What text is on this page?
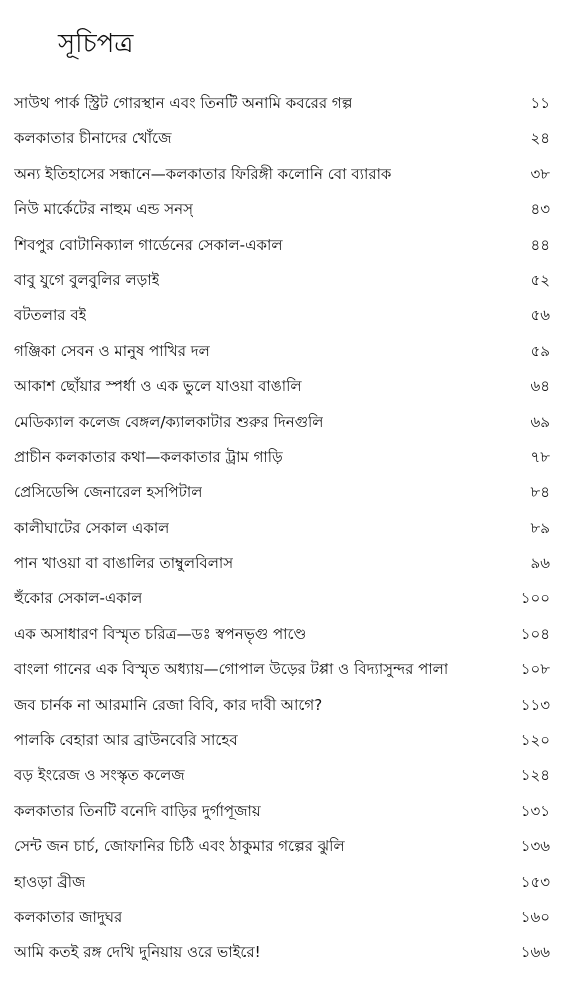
সূচিপত্র
সাউথ পার্ক স্ট্রিট গোরস্থান এবং তিনটি অনামি কবরের গল্প	১১
কলকাতার চীনাদের খোঁজে	২৪
অন্য ইতিহাসের সন্ধানে—কলকাতার ফিরিঙ্গী কলোনি বো ব্যারাক	৩৮
নিউ মার্কেটের নাহুম এন্ড সনস্	৪৩
শিবপুর বোটানিক্যাল গার্ডেনের সেকাল-একাল	৪৪
বাবু যুগে বুলবুলির লড়াই	৫২
বটতলার বই	৫৬
গঞ্জিকা সেবন ও মানুষ পাখির দল	৫৯
আকাশ ছোঁয়ার স্পর্ধা ও এক ভুলে যাওয়া বাঙালি	৬৪
মেডিক্যাল কলেজ বেঙ্গল/ক্যালকাটার শুরুর দিনগুলি	৬৯
প্রাচীন কলকাতার কথা—কলকাতার ট্রাম গাড়ি	৭৮
প্রেসিডেন্সি জেনারেল হসপিটাল	৮৪
কালীঘাটের সেকাল একাল	৮৯
পান খাওয়া বা বাঙালির তাম্বুলবিলাস	৯৬
হুঁকোর সেকাল-একাল	১০০
এক অসাধারণ বিস্মৃত চরিত্র—ডঃ স্বপনভৃগু পাণ্ডে	১০৪
বাংলা গানের এক বিস্মৃত অধ্যায়—গোপাল উড়ের টপ্পা ও বিদ্যাসুন্দর পালা	১০৮
জব চার্নক না আরমানি রেজা বিবি, কার দাবী আগে?	১১৩
পালকি বেহারা আর ব্রাউনবেরি সাহেব	১২০
বড় ইংরেজ ও সংস্কৃত কলেজ	১২৪
কলকাতার তিনটি বনেদি বাড়ির দুর্গাপূজায়	১৩১
সেন্ট জন চার্চ, জোফানির চিঠি এবং ঠাকুমার গল্পের ঝুলি	১৩৬
হাওড়া ব্রীজ	১৫৩
কলকাতার জাদুঘর	১৬০
আমি কতই রঙ্গ দেখি দুনিয়ায় ওরে ভাইরে!	১৬৬
